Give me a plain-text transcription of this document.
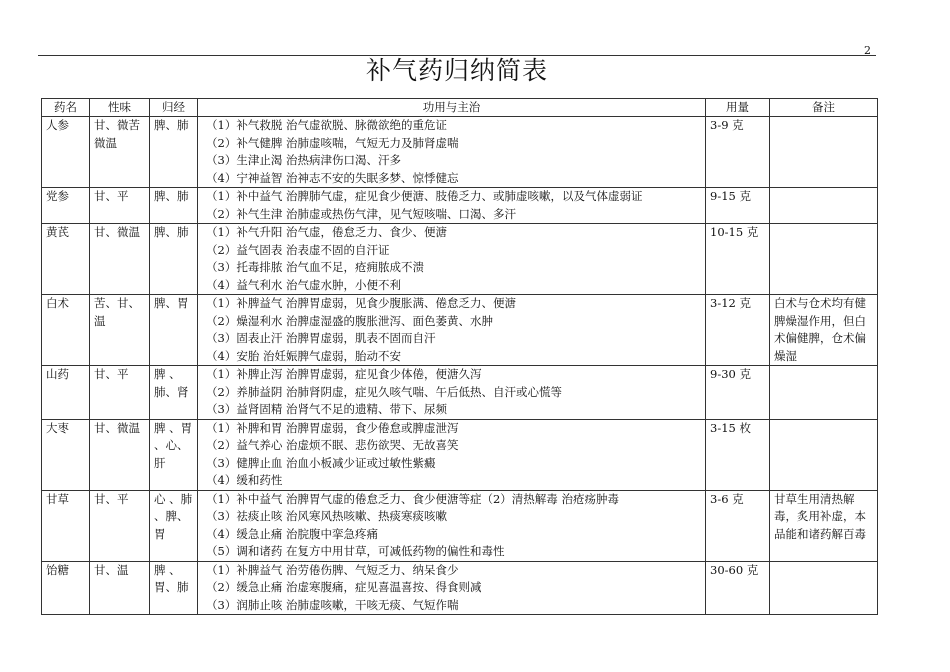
2
补气药归纳简表
药名	性味	归经	功用与主治	用量	备注
人参	甘、微苦微温	脾、肺	（1）补气救脱 治气虚欲脱、脉微欲绝的重危证
（2）补气健脾 治肺虚咳喘，气短无力及肺肾虚喘
（3）生津止渴 治热病津伤口渴、汗多
（4）宁神益智 治神志不安的失眠多梦、惊悸健忘	3-9 克	
党参	甘、平	脾、肺	（1）补中益气 治脾肺气虚，症见食少便溏、肢倦乏力、或肺虚咳嗽，以及气体虚弱证
（2）补气生津 治肺虚或热伤气津，见气短咳喘、口渴、多汗	9-15 克	
黄芪	甘、微温	脾、肺	（1）补气升阳 治气虚，倦怠乏力、食少、便溏
（2）益气固表 治表虚不固的自汗证
（3）托毒排脓 治气血不足，疮痈脓成不溃
（4）益气利水 治气虚水肿，小便不利	10-15 克	
白术	苦、甘、温	脾、胃	（1）补脾益气 治脾胃虚弱，见食少腹胀满、倦怠乏力、便溏
（2）燥湿利水 治脾虚湿盛的腹胀泄泻、面色萎黄、水肿
（3）固表止汗 治脾胃虚弱，肌表不固而自汗
（4）安胎 治妊娠脾气虚弱，胎动不安	3-12 克	白术与仓术均有健脾燥湿作用，但白术偏健脾，仓术偏燥湿
山药	甘、平	脾 、肺、肾	（1）补脾止泻 治脾胃虚弱，症见食少体倦，便溏久泻
（2）养肺益阴 治肺肾阴虚，症见久咳气喘、午后低热、自汗或心慌等
（3）益肾固精 治肾气不足的遗精、带下、尿频	9-30 克	
大枣	甘、微温	脾 、胃 、心、肝	（1）补脾和胃 治脾胃虚弱，食少倦怠或脾虚泄泻
（2）益气养心 治虚烦不眠、悲伤欲哭、无故喜笑
（3）健脾止血 治血小板减少证或过敏性紫癜
（4）缓和药性	3-15 枚	
甘草	甘、平	心 、肺 、脾、胃	（1）补中益气 治脾胃气虚的倦怠乏力、食少便溏等症（2）清热解毒 治疮疡肿毒
（3）祛痰止咳 治风寒风热咳嗽、热痰寒痰咳嗽
（4）缓急止痛 治脘腹中挛急疼痛
（5）调和诸药 在复方中用甘草，可减低药物的偏性和毒性	3-6 克	甘草生用清热解毒，炙用补虚，本品能和诸药解百毒
饴糖	甘、温	脾 、胃、肺	（1）补脾益气 治劳倦伤脾、气短乏力、纳呆食少
（2）缓急止痛 治虚寒腹痛，症见喜温喜按、得食则减
（3）润肺止咳 治肺虚咳嗽，干咳无痰、气短作喘	30-60 克	
